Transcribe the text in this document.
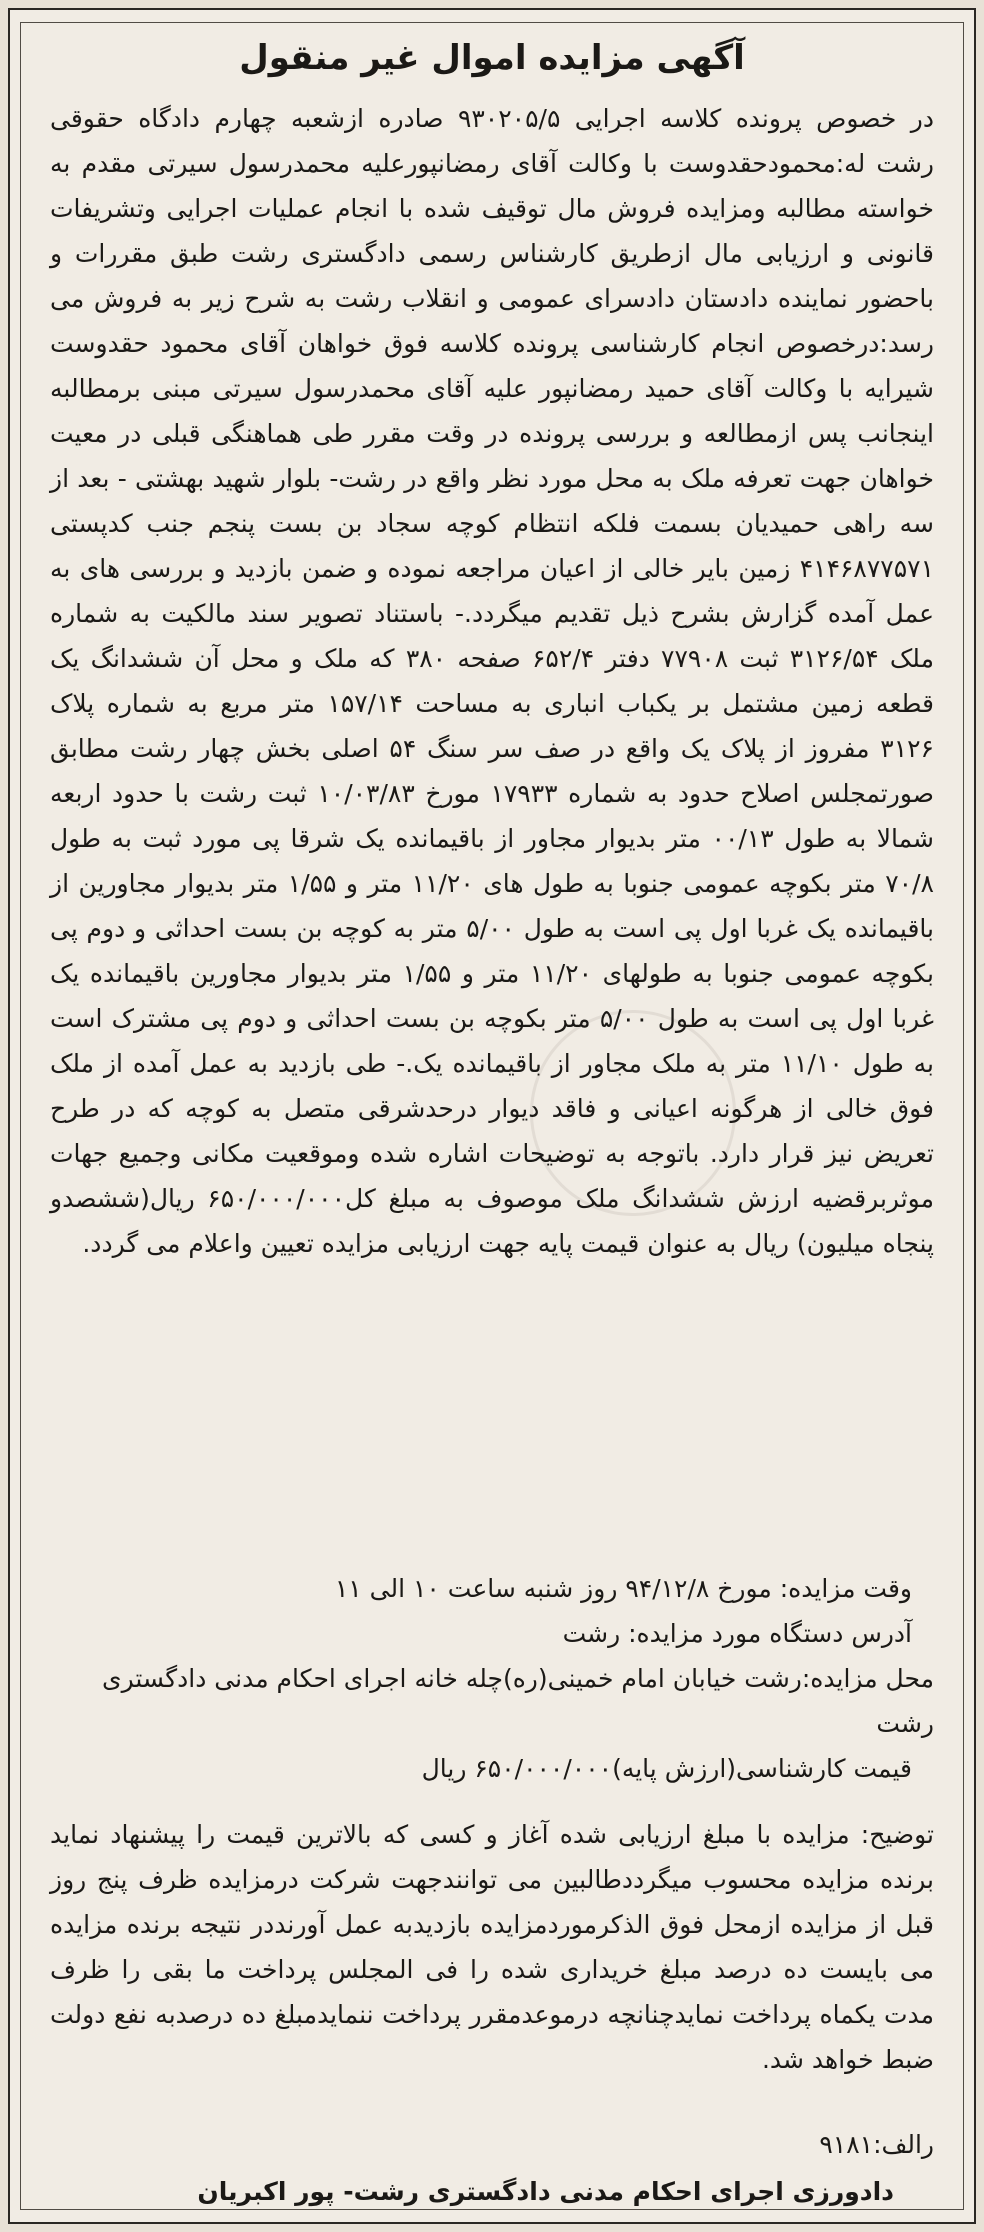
آگهی مزایده اموال غیر منقول

در خصوص پرونده کلاسه اجرایی ۹۳۰۲۰۵/۵ صادره ازشعبه چهارم دادگاه حقوقی رشت له:محمودحقدوست با وکالت آقای رمضانپورعلیه محمدرسول سیرتی مقدم به خواسته مطالبه ومزایده فروش مال توقیف شده با انجام عملیات اجرایی وتشریفات قانونی و ارزیابی مال ازطریق کارشناس رسمی دادگستری رشت طبق مقررات و باحضور نماینده دادستان دادسرای عمومی و انقلاب رشت به شرح زیر به فروش می رسد:درخصوص انجام کارشناسی پرونده کلاسه فوق خواهان آقای محمود حقدوست شیرایه با وکالت آقای حمید رمضانپور علیه آقای محمدرسول سیرتی مبنی برمطالبه اینجانب پس ازمطالعه و بررسی پرونده در وقت مقرر طی هماهنگی قبلی در معیت خواهان جهت تعرفه ملک به محل مورد نظر واقع در رشت- بلوار شهید بهشتی - بعد از سه راهی حمیدیان بسمت فلکه انتظام کوچه سجاد بن بست پنجم جنب کدپستی ۴۱۴۶۸۷۷۵۷۱ زمین بایر خالی از اعیان مراجعه نموده و ضمن بازدید و بررسی های به عمل آمده گزارش بشرح ذیل تقدیم میگردد.- باستناد تصویر سند مالکیت به شماره ملک ۳۱۲۶/۵۴ ثبت ۷۷۹۰۸ دفتر ۶۵۲/۴ صفحه ۳۸۰ که ملک و محل آن ششدانگ یک قطعه زمین مشتمل بر یکباب انباری به مساحت ۱۵۷/۱۴ متر مربع به شماره پلاک ۳۱۲۶ مفروز از پلاک یک واقع در صف سر سنگ ۵۴ اصلی بخش چهار رشت مطابق صورتمجلس اصلاح حدود به شماره ۱۷۹۳۳ مورخ ۱۰/۰۳/۸۳ ثبت رشت با حدود اربعه شمالا به طول ۰۰/۱۳ متر بدیوار مجاور از باقیمانده یک شرقا پی مورد ثبت به طول ۷۰/۸ متر بکوچه عمومی جنوبا به طول های ۱۱/۲۰ متر و ۱/۵۵ متر بدیوار مجاورین از باقیمانده یک غربا اول پی است به طول ۵/۰۰ متر به کوچه بن بست احداثی و دوم پی بکوچه عمومی جنوبا به طولهای ۱۱/۲۰ متر و ۱/۵۵ متر بدیوار مجاورین باقیمانده یک غربا اول پی است به طول ۵/۰۰ متر بکوچه بن بست احداثی و دوم پی مشترک است به طول ۱۱/۱۰ متر به ملک مجاور از باقیمانده یک.- طی بازدید به عمل آمده از ملک فوق خالی از هرگونه اعیانی و فاقد دیوار درحدشرقی متصل به کوچه که در طرح تعریض نیز قرار دارد. باتوجه به توضیحات اشاره شده وموقعیت مکانی وجمیع جهات موثربرقضیه ارزش ششدانگ ملک موصوف به مبلغ کل۶۵۰/۰۰۰/۰۰۰ ریال(ششصدو پنجاه میلیون) ریال به عنوان قیمت پایه جهت ارزیابی مزایده تعیین واعلام می گردد.

وقت مزایده: مورخ ۹۴/۱۲/۸ روز شنبه ساعت ۱۰ الی ۱۱
آدرس دستگاه مورد مزایده: رشت
محل مزایده:رشت خیابان امام خمینی(ره)چله خانه اجرای احکام مدنی دادگستری رشت
قیمت کارشناسی(ارزش پایه)۶۵۰/۰۰۰/۰۰۰ ریال
توضیح: مزایده با مبلغ ارزیابی شده آغاز و کسی که بالاترین قیمت را پیشنهاد نماید برنده مزایده محسوب میگرددطالبین می توانندجهت شرکت درمزایده ظرف پنج روز قبل از مزایده ازمحل فوق الذکرمورد‌مزایده بازدیدبه عمل آورنددر نتیجه برنده مزایده می بایست ده درصد مبلغ خریداری شده را فی المجلس پرداخت ما بقی را ظرف مدت یکماه پرداخت نمایدچنانچه درموعدمقرر پرداخت ننمایدمبلغ ده درصدبه نفع دولت ضبط خواهد شد.
رالف:۹۱۸۱
دادورزی اجرای احکام مدنی دادگستری رشت- پور اکبریان
